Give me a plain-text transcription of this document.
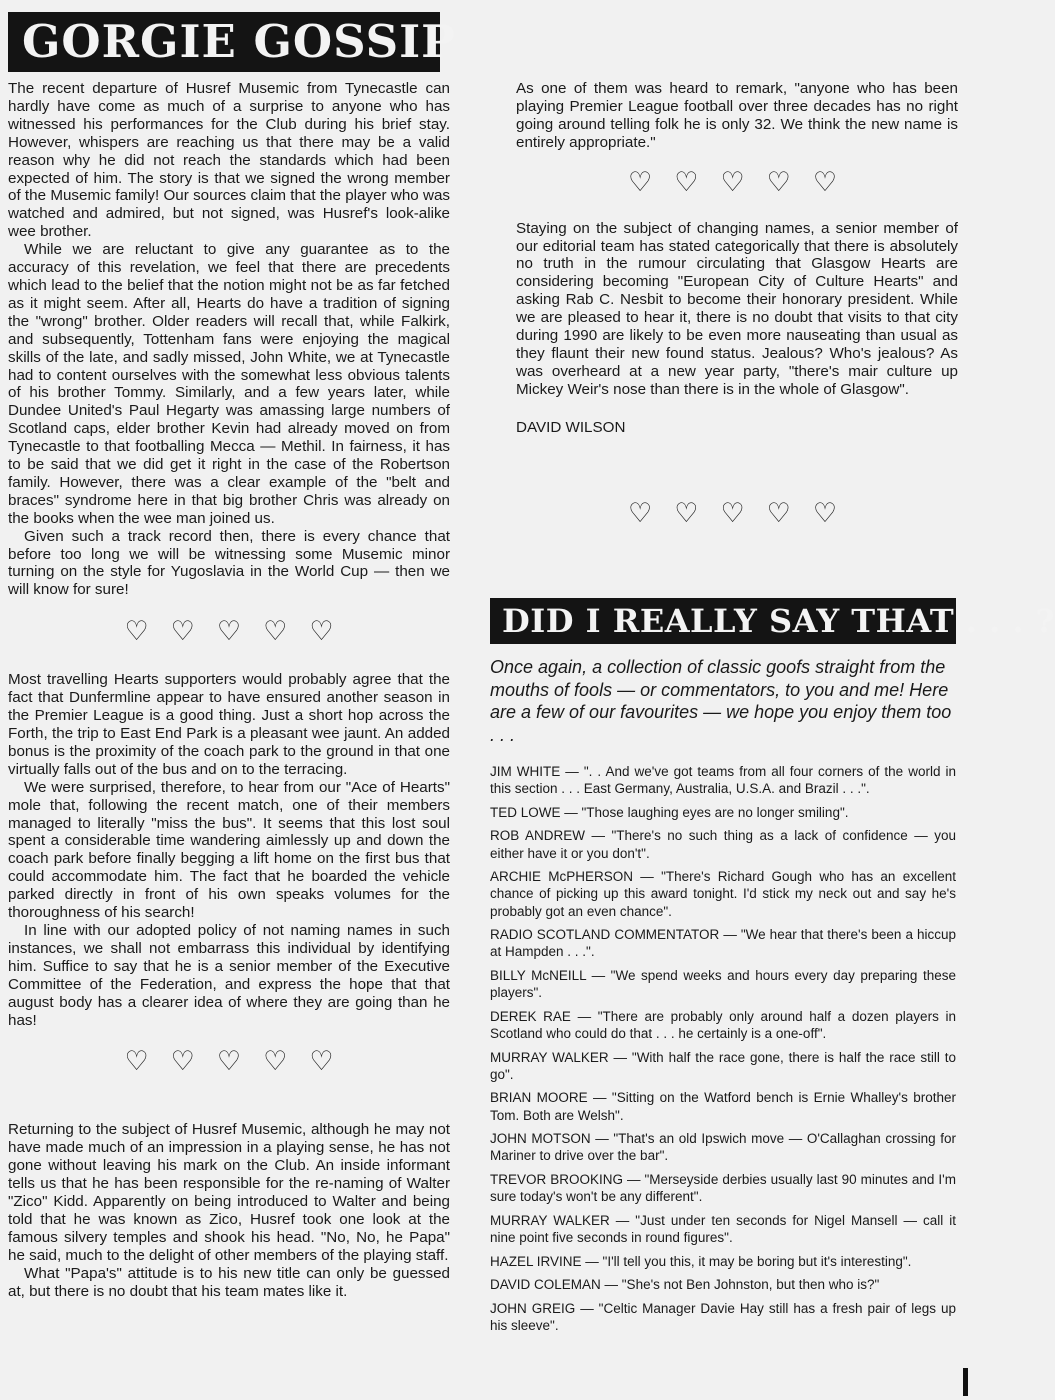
GORGIE GOSSIP

The recent departure of Husref Musemic from Tynecastle can hardly have come as much of a surprise to anyone who has witnessed his performances for the Club during his brief stay. However, whispers are reaching us that there may be a valid reason why he did not reach the standards which had been expected of him. The story is that we signed the wrong member of the Musemic family! Our sources claim that the player who was watched and admired, but not signed, was Husref's look-alike wee brother.

While we are reluctant to give any guarantee as to the accuracy of this revelation, we feel that there are precedents which lead to the belief that the notion might not be as far fetched as it might seem. After all, Hearts do have a tradition of signing the "wrong" brother. Older readers will recall that, while Falkirk, and subsequently, Tottenham fans were enjoying the magical skills of the late, and sadly missed, John White, we at Tynecastle had to content ourselves with the somewhat less obvious talents of his brother Tommy. Similarly, and a few years later, while Dundee United's Paul Hegarty was amassing large numbers of Scotland caps, elder brother Kevin had already moved on from Tynecastle to that footballing Mecca — Methil. In fairness, it has to be said that we did get it right in the case of the Robertson family. However, there was a clear example of the "belt and braces" syndrome here in that big brother Chris was already on the books when the wee man joined us.

Given such a track record then, there is every chance that before too long we will be witnessing some Musemic minor turning on the style for Yugoslavia in the World Cup — then we will know for sure!

♡ ♡ ♡ ♡ ♡

Most travelling Hearts supporters would probably agree that the fact that Dunfermline appear to have ensured another season in the Premier League is a good thing. Just a short hop across the Forth, the trip to East End Park is a pleasant wee jaunt. An added bonus is the proximity of the coach park to the ground in that one virtually falls out of the bus and on to the terracing.

We were surprised, therefore, to hear from our "Ace of Hearts" mole that, following the recent match, one of their members managed to literally "miss the bus". It seems that this lost soul spent a considerable time wandering aimlessly up and down the coach park before finally begging a lift home on the first bus that could accommodate him. The fact that he boarded the vehicle parked directly in front of his own speaks volumes for the thoroughness of his search!

In line with our adopted policy of not naming names in such instances, we shall not embarrass this individual by identifying him. Suffice to say that he is a senior member of the Executive Committee of the Federation, and express the hope that that august body has a clearer idea of where they are going than he has!

♡ ♡ ♡ ♡ ♡

Returning to the subject of Husref Musemic, although he may not have made much of an impression in a playing sense, he has not gone without leaving his mark on the Club. An inside informant tells us that he has been responsible for the re-naming of Walter "Zico" Kidd. Apparently on being introduced to Walter and being told that he was known as Zico, Husref took one look at the famous silvery temples and shook his head. "No, No, he Papa" he said, much to the delight of other members of the playing staff.

What "Papa's" attitude is to his new title can only be guessed at, but there is no doubt that his team mates like it.

As one of them was heard to remark, "anyone who has been playing Premier League football over three decades has no right going around telling folk he is only 32. We think the new name is entirely appropriate."

♡ ♡ ♡ ♡ ♡

Staying on the subject of changing names, a senior member of our editorial team has stated categorically that there is absolutely no truth in the rumour circulating that Glasgow Hearts are considering becoming "European City of Culture Hearts" and asking Rab C. Nesbit to become their honorary president. While we are pleased to hear it, there is no doubt that visits to that city during 1990 are likely to be even more nauseating than usual as they flaunt their new found status. Jealous? Who's jealous? As was overheard at a new year party, "there's mair culture up Mickey Weir's nose than there is in the whole of Glasgow".

DAVID WILSON

♡ ♡ ♡ ♡ ♡
DID I REALLY SAY THAT . . . ?

Once again, a collection of classic goofs straight from the mouths of fools — or commentators, to you and me! Here are a few of our favourites — we hope you enjoy them too . . .

JIM WHITE — ". . And we've got teams from all four corners of the world in this section . . . East Germany, Australia, U.S.A. and Brazil . . .".

TED LOWE — "Those laughing eyes are no longer smiling".

ROB ANDREW — "There's no such thing as a lack of confidence — you either have it or you don't".

ARCHIE McPHERSON — "There's Richard Gough who has an excellent chance of picking up this award tonight. I'd stick my neck out and say he's probably got an even chance".

RADIO SCOTLAND COMMENTATOR — "We hear that there's been a hiccup at Hampden . . .".

BILLY McNEILL — "We spend weeks and hours every day preparing these players".

DEREK RAE — "There are probably only around half a dozen players in Scotland who could do that . . . he certainly is a one-off".

MURRAY WALKER — "With half the race gone, there is half the race still to go".

BRIAN MOORE — "Sitting on the Watford bench is Ernie Whalley's brother Tom. Both are Welsh".

JOHN MOTSON — "That's an old Ipswich move — O'Callaghan crossing for Mariner to drive over the bar".

TREVOR BROOKING — "Merseyside derbies usually last 90 minutes and I'm sure today's won't be any different".

MURRAY WALKER — "Just under ten seconds for Nigel Mansell — call it nine point five seconds in round figures".

HAZEL IRVINE — "I'll tell you this, it may be boring but it's interesting".

DAVID COLEMAN — "She's not Ben Johnston, but then who is?"

JOHN GREIG — "Celtic Manager Davie Hay still has a fresh pair of legs up his sleeve".
